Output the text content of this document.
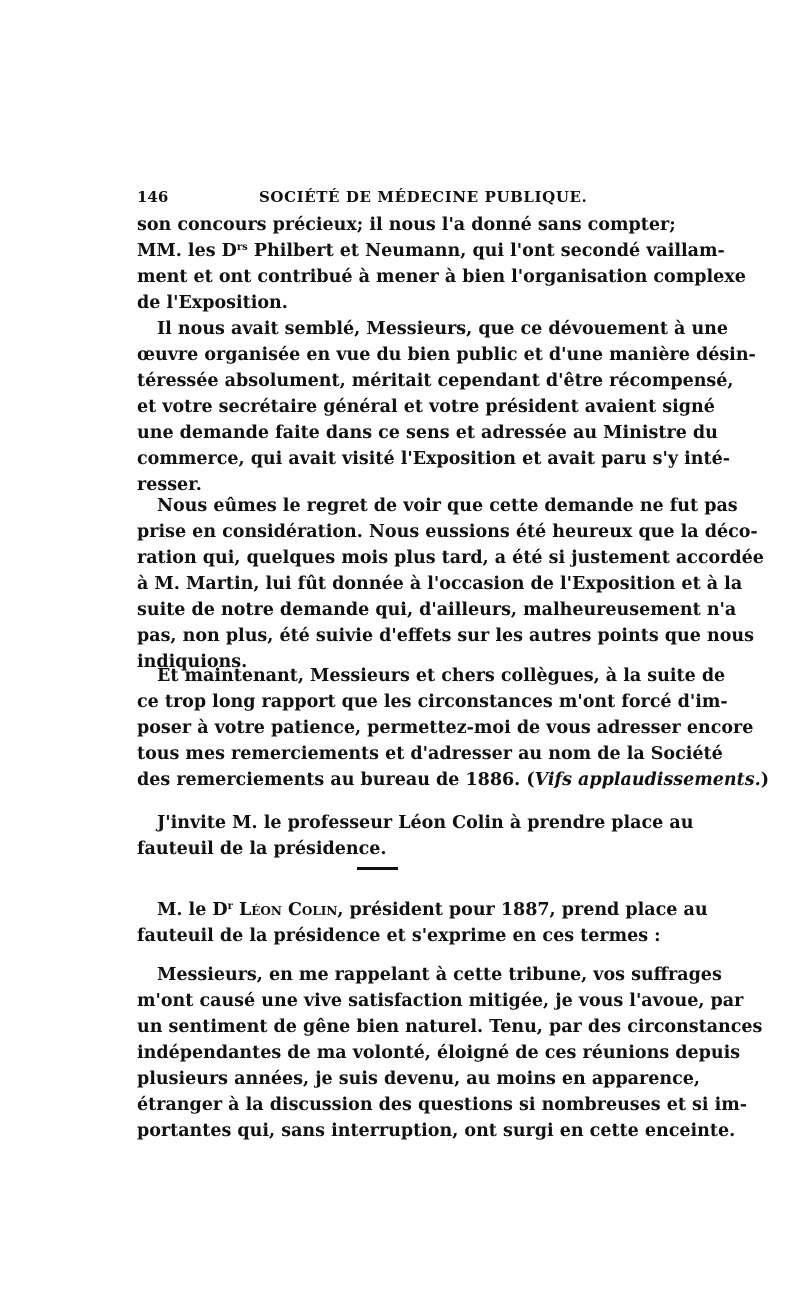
146	SOCIÉTÉ DE MÉDECINE PUBLIQUE.
son concours précieux; il nous l'a donné sans compter;
MM. les $D^{rs}$ Philbert et Neumann, qui l'ont secondé vaillam-
ment et ont contribué à mener à bien l'organisation complexe
de l'Exposition.
Il nous avait semblé, Messieurs, que ce dévouement à une
œuvre organisée en vue du bien public et d'une manière désin-
téressée absolument, méritait cependant d'être récompensé,
et votre secrétaire général et votre président avaient signé
une demande faite dans ce sens et adressée au Ministre du
commerce, qui avait visité l'Exposition et avait paru s'y inté-
resser.
Nous eûmes le regret de voir que cette demande ne fut pas
prise en considération. Nous eussions été heureux que la déco-
ration qui, quelques mois plus tard, a été si justement accordée
à M. Martin, lui fût donnée à l'occasion de l'Exposition et à la
suite de notre demande qui, d'ailleurs, malheureusement n'a
pas, non plus, été suivie d'effets sur les autres points que nous
indiquions.
Et maintenant, Messieurs et chers collègues, à la suite de
ce trop long rapport que les circonstances m'ont forcé d'im-
poser à votre patience, permettez-moi de vous adresser encore
tous mes remerciements et d'adresser au nom de la Société
des remerciements au bureau de 1886. (Vifs applaudissements.)
J'invite M. le professeur Léon Colin à prendre place au
fauteuil de la présidence.
M. le $D^r$ Léon Colin, président pour 1887, prend place au
fauteuil de la présidence et s'exprime en ces termes :
Messieurs, en me rappelant à cette tribune, vos suffrages
m'ont causé une vive satisfaction mitigée, je vous l'avoue, par
un sentiment de gêne bien naturel. Tenu, par des circonstances
indépendantes de ma volonté, éloigné de ces réunions depuis
plusieurs années, je suis devenu, au moins en apparence,
étranger à la discussion des questions si nombreuses et si im-
portantes qui, sans interruption, ont surgi en cette enceinte.
